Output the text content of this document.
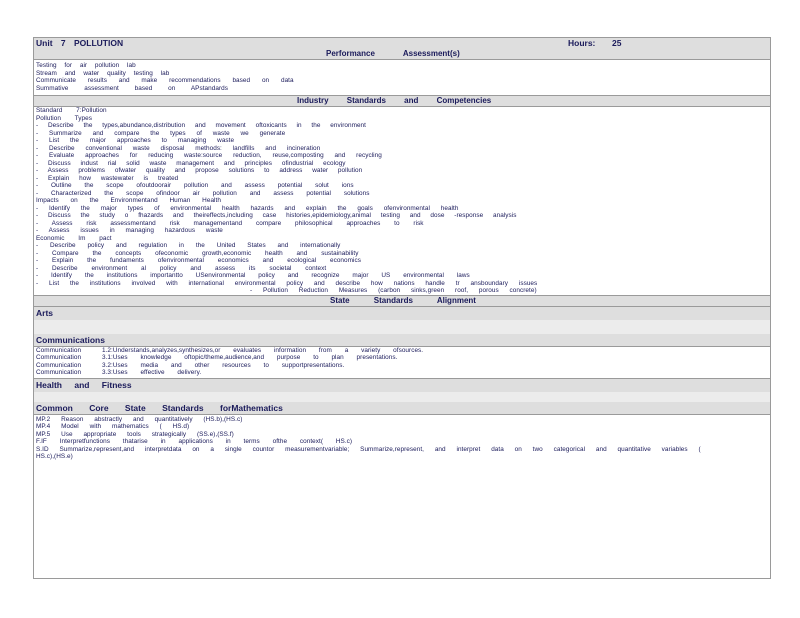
Unit 7 POLLUTION	Hours: 25
Performance Assessment(s)
Testing for air pollution lab
Stream and water quality testing lab
Communicate results and make recommendations based on data
Summative assessment based on APstandards
Industry Standards and Competencies
Standard 7:Pollution
Pollution Types
- Describe the types,abundance,distribution and movement oftoxicants in the environment
- Summarize and compare the types of waste we generate
- List the major approaches to managing waste
- Describe conventional waste disposal methods: landfills and incineration
- Evaluate approaches for reducing waste:source reduction, reuse,composting and recycling
- Discuss indust rial solid waste management and principles ofindustrial ecology
- Assess problems ofwater quality and propose solutions to address water pollution
- Explain how wastewater is treated
- Outline the scope ofoutdoorair pollution and assess potential solut ions
- Characterized the scope ofindoor air pollution and assess potential solutions
Impacts on the Environmentand Human Health
- Identify the major types of environmental health hazards and explain the goals ofenvironmental health
- Discuss the study o fhazards and theireffects,including case histories,epidemiology,animal testing and dose -response analysis
- Assess risk assessmentand risk managementand compare philosophical approaches to risk
- Assess issues in managing hazardous waste
Economic Im pact
- Describe policy and regulation in the United States and internationally
- Compare the concepts ofeconomic growth,economic health and sustainability
- Explain the fundaments ofenvironmental economics and ecological economics
- Describe environment al policy and assess its societal context
- Identify the institutions importantto USenvironmental policy and recognize major US environmental laws
- List the institutions involved with international environmental policy and describe how nations handle tr ansboundary issues
- Pollution Reduction Measures (carbon sinks,green roof, porous concrete)
State Standards Alignment
Arts
Communications
Communication	1.2:Understands,analyzes,synthesizes,or evaluates information from a variety ofsources.
Communication	3.1:Uses knowledge oftopic/theme,audience,and purpose to plan presentations.
Communication	3.2:Uses media and other resources to supportpresentations.
Communication	3.3:Uses effective delivery.
Health and Fitness
Common Core State Standards forMathematics
MP.2 Reason abstractly and quantitatively (HS.b),(HS.c)
MP.4 Model with mathematics ( HS.d)
MP.5 Use appropriate tools strategically (SS.e),(SS.f)
F.IF Interpretfunctions thatarise in applications in terms ofthe context( HS.c)
S.ID Summarize,represent,and interpretdata on a single countor measurementvariable; Summarize,represent, and interpret data on two categorical and quantitative variables (
HS.c),(HS.e)
